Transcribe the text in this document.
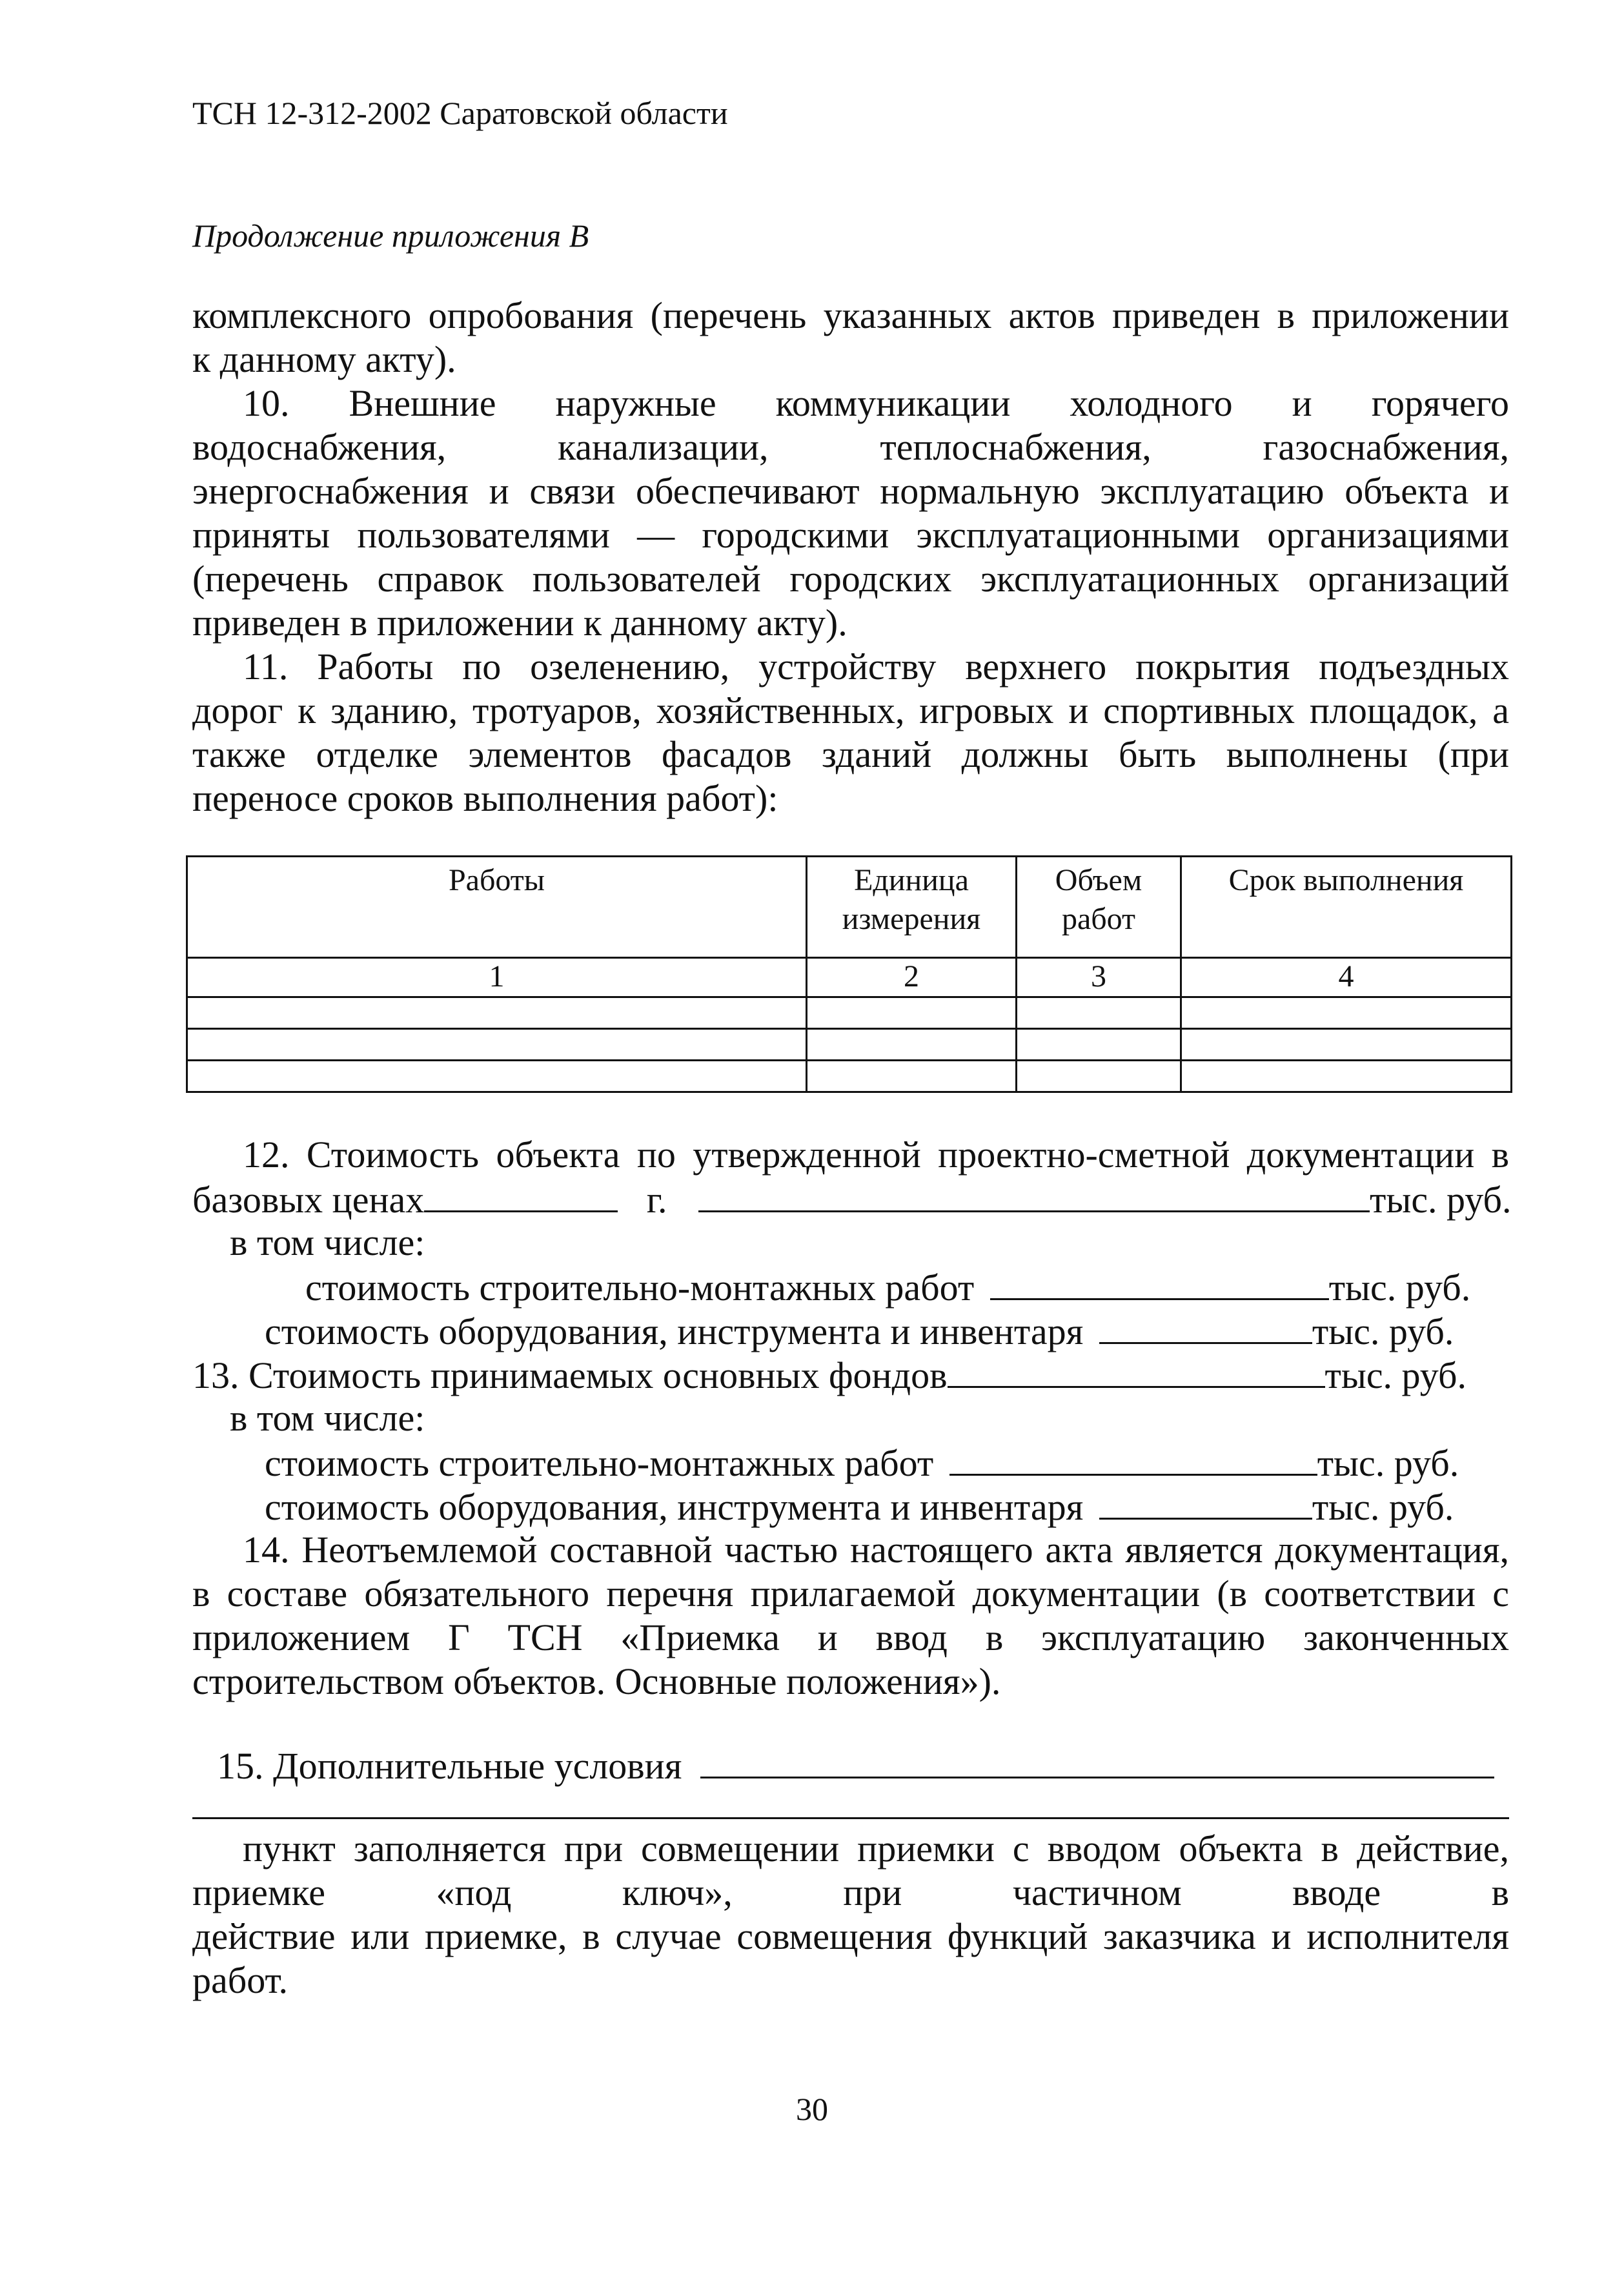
ТСН 12-312-2002 Саратовской области
Продолжение приложения В

комплексного опробования (перечень указанных актов приведен в приложении

к данному акту).

10. Внешние наружные коммуникации холодного и горячего

водоснабжения, канализации, теплоснабжения, газоснабжения,

энергоснабжения и связи обеспечивают нормальную эксплуатацию объекта и

приняты пользователями — городскими эксплуатационными организациями

(перечень справок пользователей городских эксплуатационных организаций

приведен в приложении к данному акту).

11. Работы по озеленению, устройству верхнего покрытия подъездных

дорог к зданию, тротуаров, хозяйственных, игровых и спортивных площадок, а

также отделке элементов фасадов зданий должны быть выполнены (при

переносе сроков выполнения работ):

Работы	Единица измерения	Объем работ	Срок выполнения
1	2	3	4

12. Стоимость объекта по утвержденной проектно-сметной документации в

базовых ценах	г.	тыс. руб.
в том числе:
стоимость строительно-монтажных работ	тыс. руб.
стоимость оборудования, инструмента и инвентаря	тыс. руб.
13. Стоимость принимаемых основных фондов	тыс. руб.
в том числе:
стоимость строительно-монтажных работ	тыс. руб.
стоимость оборудования, инструмента и инвентаря	тыс. руб.

14. Неотъемлемой составной частью настоящего акта является документация,

в составе обязательного перечня прилагаемой документации (в соответствии с

приложением Г ТСН «Приемка и ввод в эксплуатацию законченных

строительством объектов. Основные положения»).

15. Дополнительные условия

пункт заполняется при совмещении приемки с вводом объекта в действие,

приемке «под ключ», при частичном вводе в

действие или приемке, в случае совмещения функций заказчика и исполнителя

работ.

30
